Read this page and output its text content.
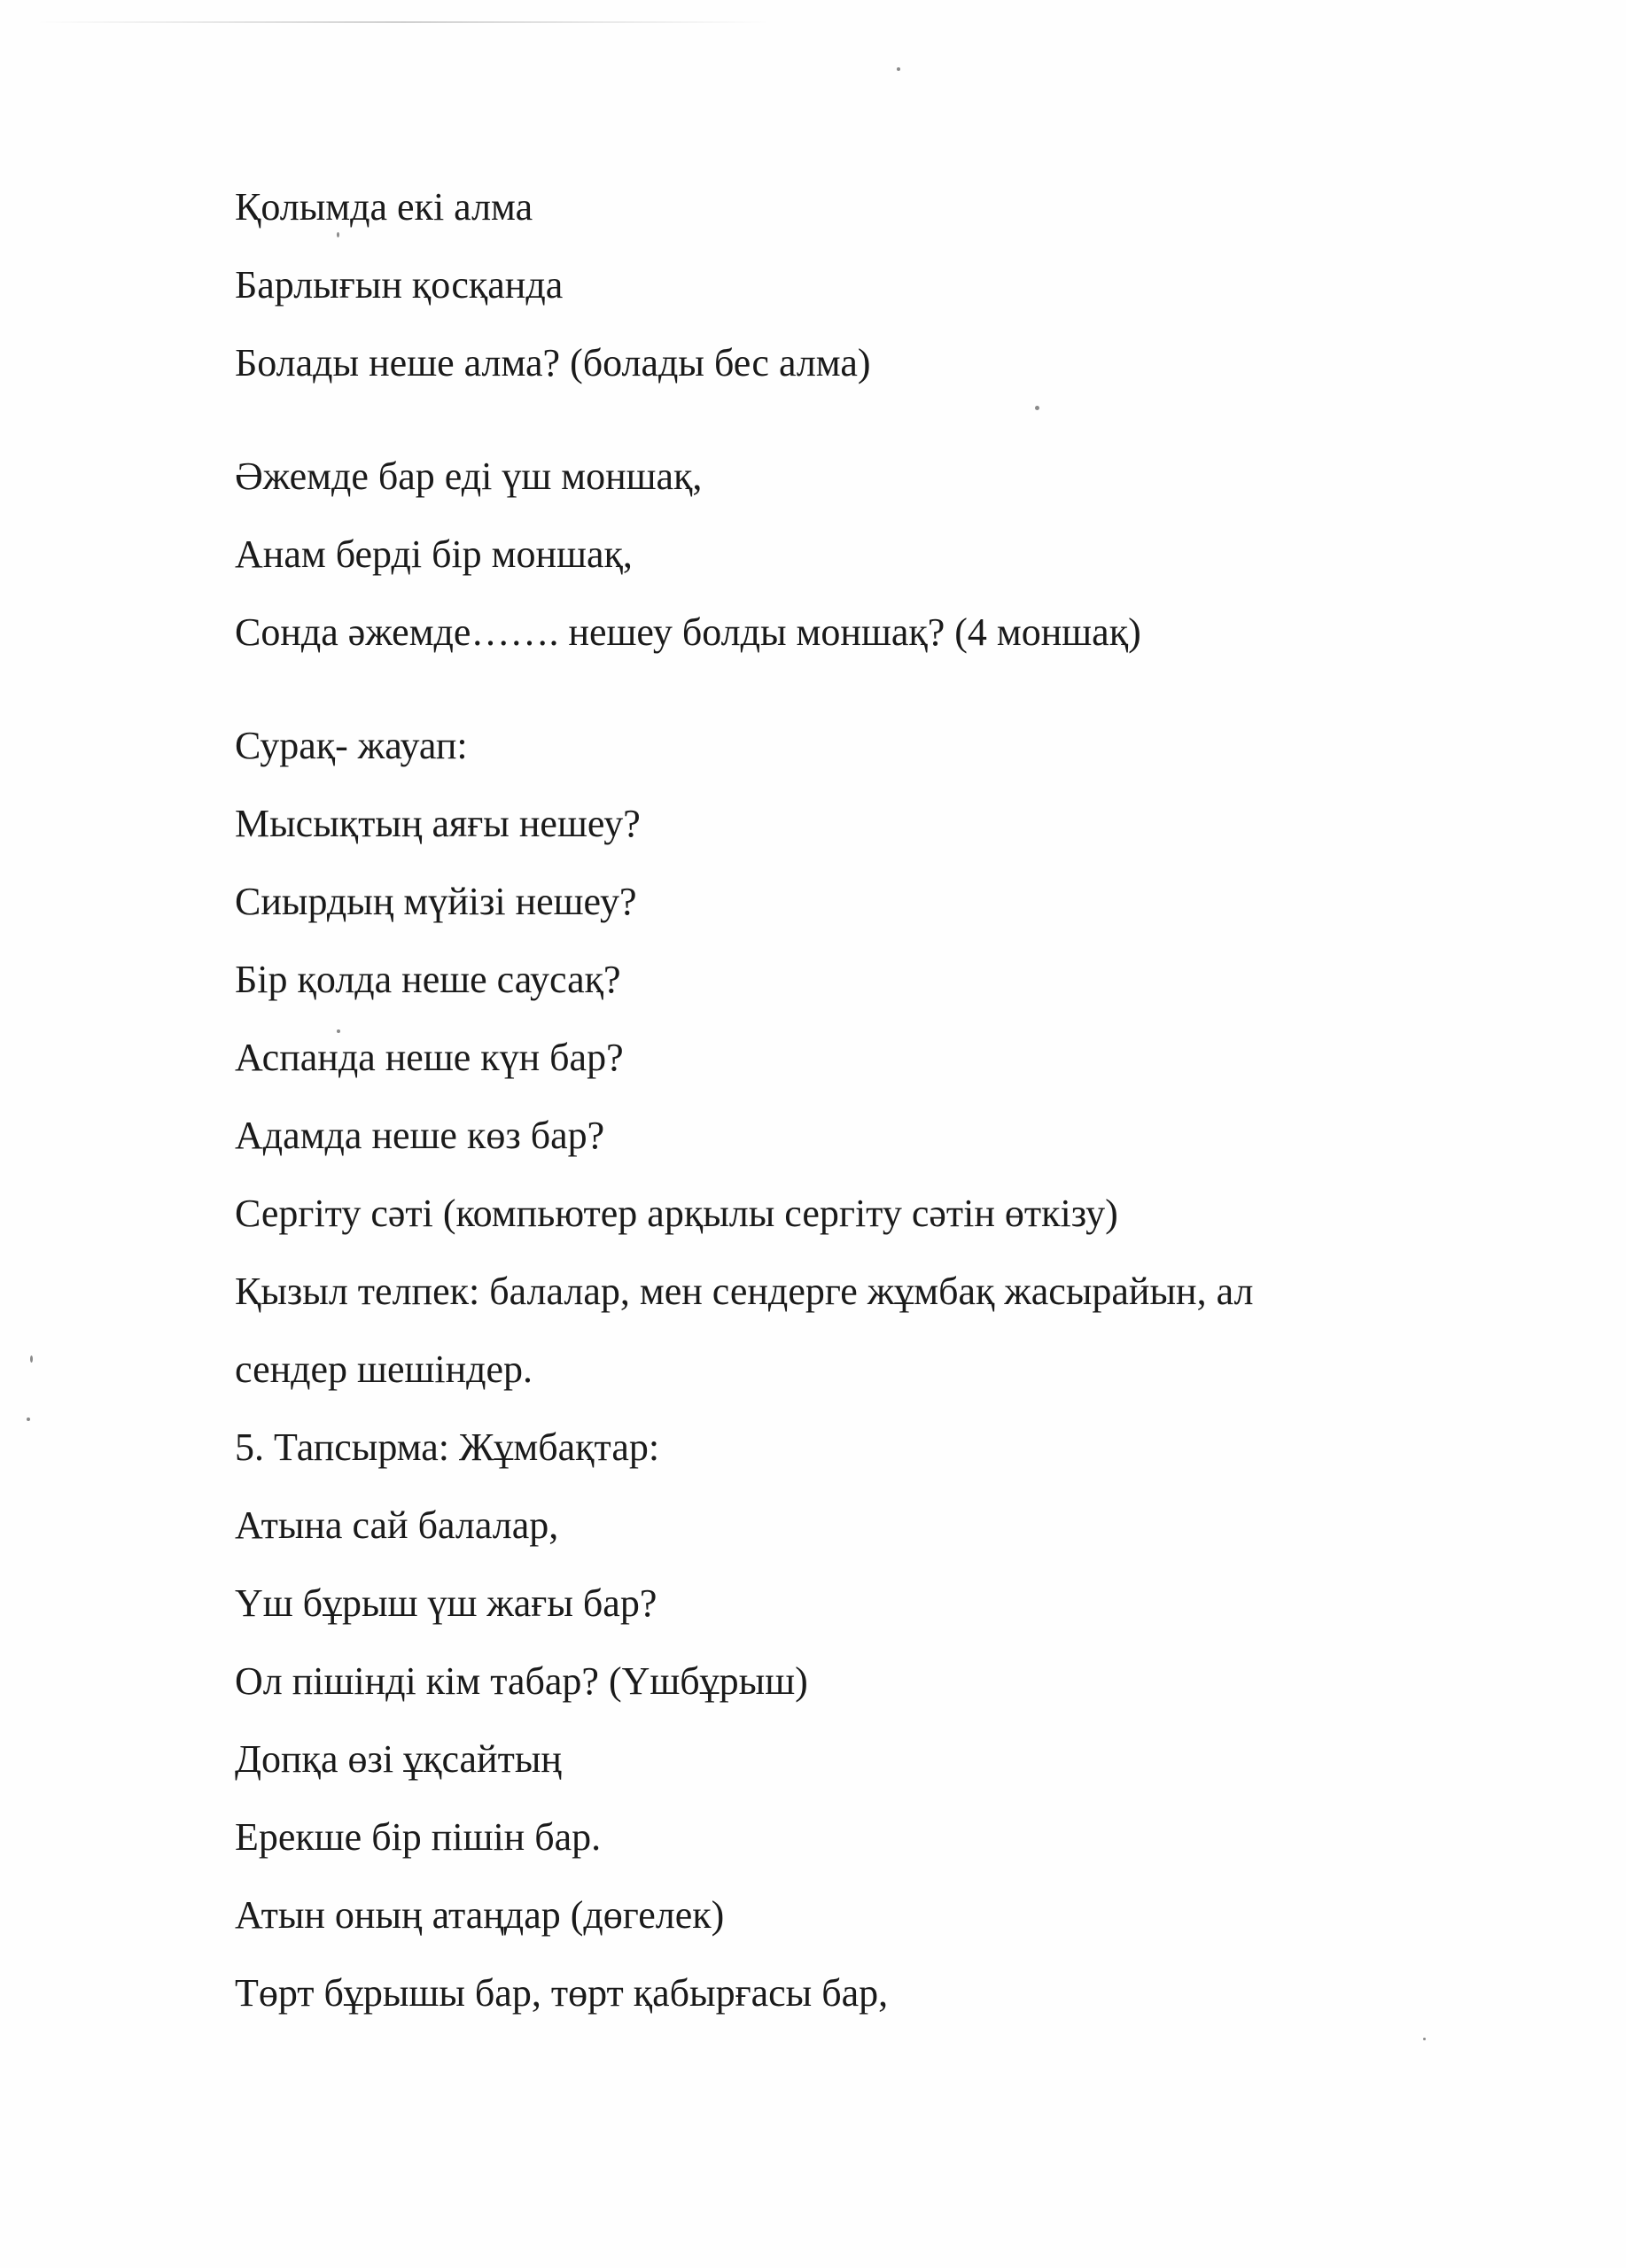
Қолымда екі алма
Барлығын қосқанда
Болады неше алма? (болады бес алма)
Әжемде бар еді үш моншақ,
Анам берді бір моншақ,
Сонда әжемде……. нешеу болды моншақ? (4 моншақ)
Сурақ- жауап:
Мысықтың аяғы нешеу?
Сиырдың мүйізі нешеу?
Бір қолда неше саусақ?
Аспанда неше күн бар?
Адамда неше көз бар?
Сергіту сәті (компьютер арқылы сергіту сәтін өткізу)
Қызыл телпек: балалар, мен сендерге жұмбақ жасырайын, ал
сендер шешіндер.
5. Тапсырма: Жұмбақтар:
Атына сай балалар,
Үш бұрыш үш жағы бар?
Ол пішінді кім табар? (Үшбұрыш)
Допқа өзі ұқсайтың
Ерекше бір пішін бар.
Атын оның атаңдар (дөгелек)
Төрт бұрышы бар, төрт қабырғасы бар,
